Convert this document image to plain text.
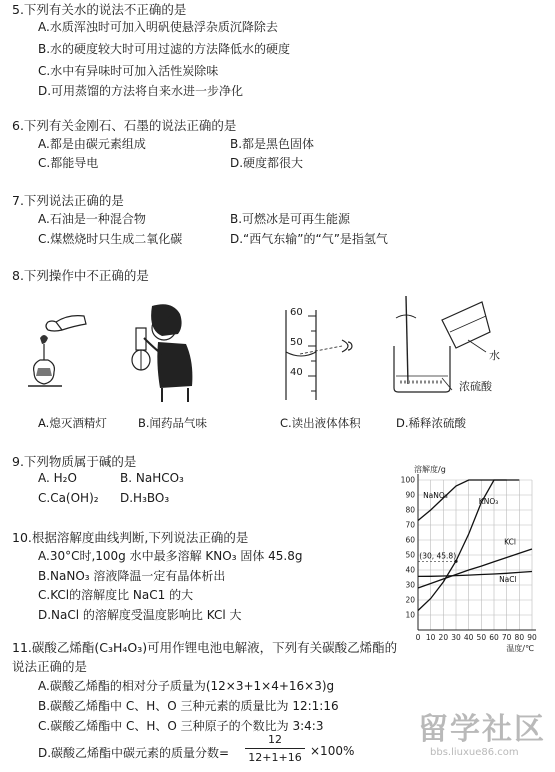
5.下列有关水的说法不正确的是
A.水质浑浊时可加入明矾使悬浮杂质沉降除去
B.水的硬度较大时可用过滤的方法降低水的硬度
C.水中有异味时可加入活性炭除味
D.可用蒸馏的方法将自来水进一步净化
6.下列有关金刚石、石墨的说法正确的是
A.都是由碳元素组成	B.都是黑色固体
C.都能导电	D.硬度都很大
7.下列说法正确的是
A.石油是一种混合物	B.可燃冰是可再生能源
C.煤燃烧时只生成二氧化碳	D.“西气东输”的“气”是指氢气
8.下列操作中不正确的是
60
50
40
水
浓硫酸
A.熄灭酒精灯	B.闻药品气味	C.读出液体体积	D.稀释浓硫酸
9.下列物质属于碱的是
A. H₂O	B. NaHCO₃
C.Ca(OH)₂ D.H₃BO₃
10.根据溶解度曲线判断,下列说法正确的是
A.30°C时,100g 水中最多溶解 KNO₃ 固体 45.8g
B.NaNO₃ 溶液降温一定有晶体析出
C.KCl的溶解度比 NaC1 的大
D.NaCl 的溶解度受温度影响比 KCl 大
0 10 20 30 40 50 60 70 80 90
100
90
80
70
60
50
40
30
20
10
溶解度/g
温度/℃
NaNO₃
KNO₃
KCl
NaCl
(30, 45.8)
11.碳酸乙烯酯(C₃H₄O₃)可用作锂电池电解液，下列有关碳酸乙烯酯的
说法正确的是
A.碳酸乙烯酯的相对分子质量为(12×3+1×4+16×3)g
B.碳酸乙烯酯中 C、H、O 三种元素的质量比为 12:1:16
C.碳酸乙烯酯中 C、H、O 三种原子的个数比为 3:4:3
D.碳酸乙烯酯中碳元素的质量分数=
12
12+1+16 ×100%
留学社区
bbs.liuxue86.com
